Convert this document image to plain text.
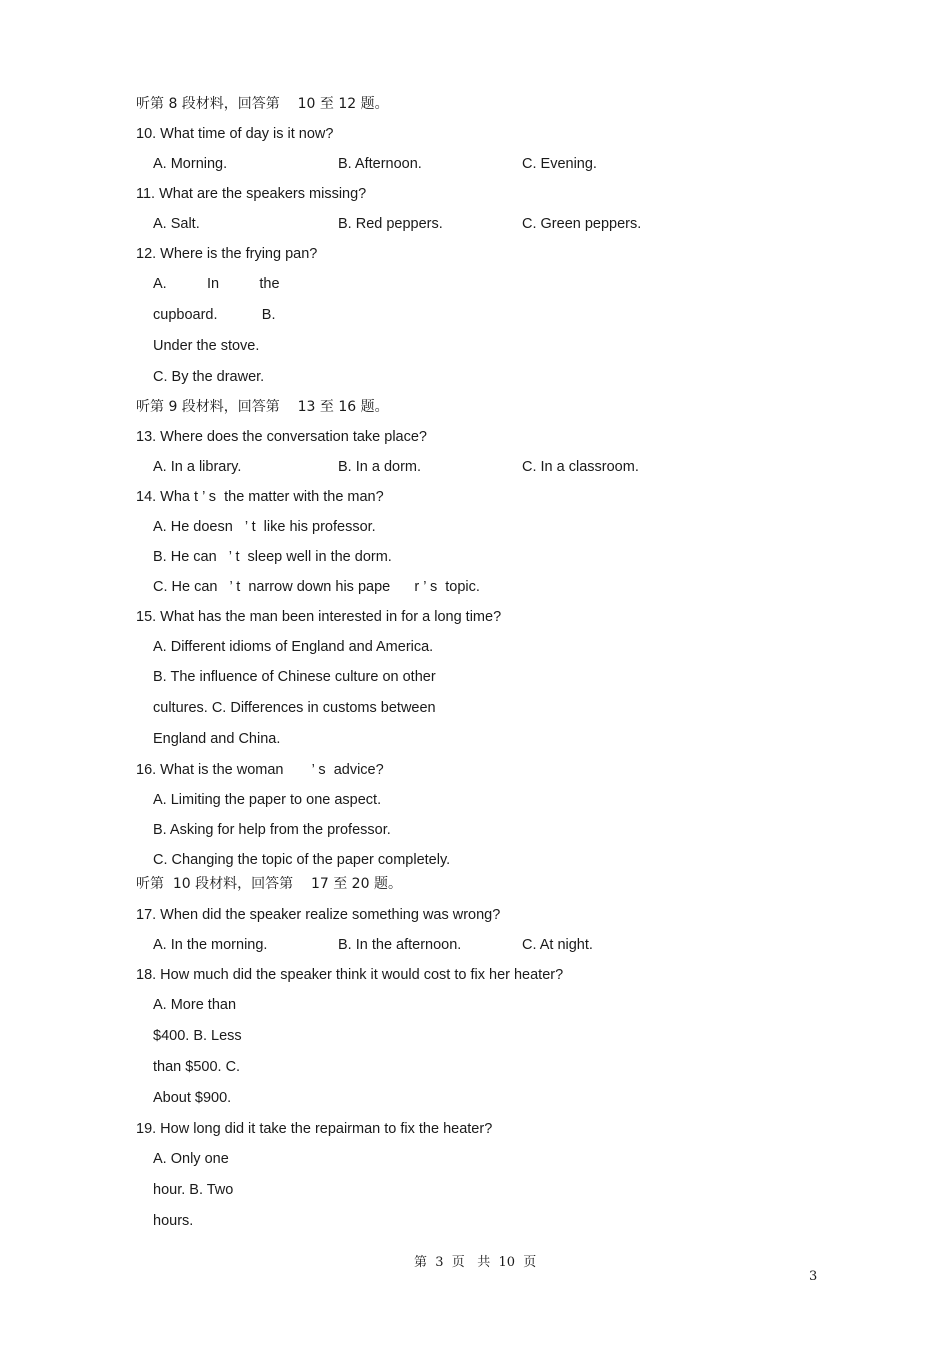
听第 8 段材料，回答第    10 至 12 题。
10. What time of day is it now?
A. Morning.	B. Afternoon.	C. Evening.
11. What are the speakers missing?
A. Salt.	B. Red peppers.	C. Green peppers.
12. Where is the frying pan?
A.          In          the
cupboard.           B.
Under the stove.
C. By the drawer.
听第 9 段材料，回答第    13 至 16 题。
13. Where does the conversation take place?
A. In a library.	B. In a dorm.	C. In a classroom.
14. Wha t ’ s  the matter with the man?
A. He doesn   ’ t  like his professor.
B. He can   ’ t  sleep well in the dorm.
C. He can   ’ t  narrow down his pape      r ’ s  topic.
15. What has the man been interested in for a long time?
A. Different idioms of England and America.
B. The influence of Chinese culture on other
cultures. C. Differences in customs between
England and China.
16. What is the woman       ’ s  advice?
A. Limiting the paper to one aspect.
B. Asking for help from the professor.
C. Changing the topic of the paper completely.
听第  10 段材料，回答第    17 至 20 题。
17. When did the speaker realize something was wrong?
A. In the morning.	B. In the afternoon.	C. At night.
18. How much did the speaker think it would cost to fix her heater?
A. More than
$400. B. Less
than $500. C.
About $900.
19. How long did it take the repairman to fix the heater?
A. Only one
hour. B. Two
hours.
第  3  页   共  10  页
3
